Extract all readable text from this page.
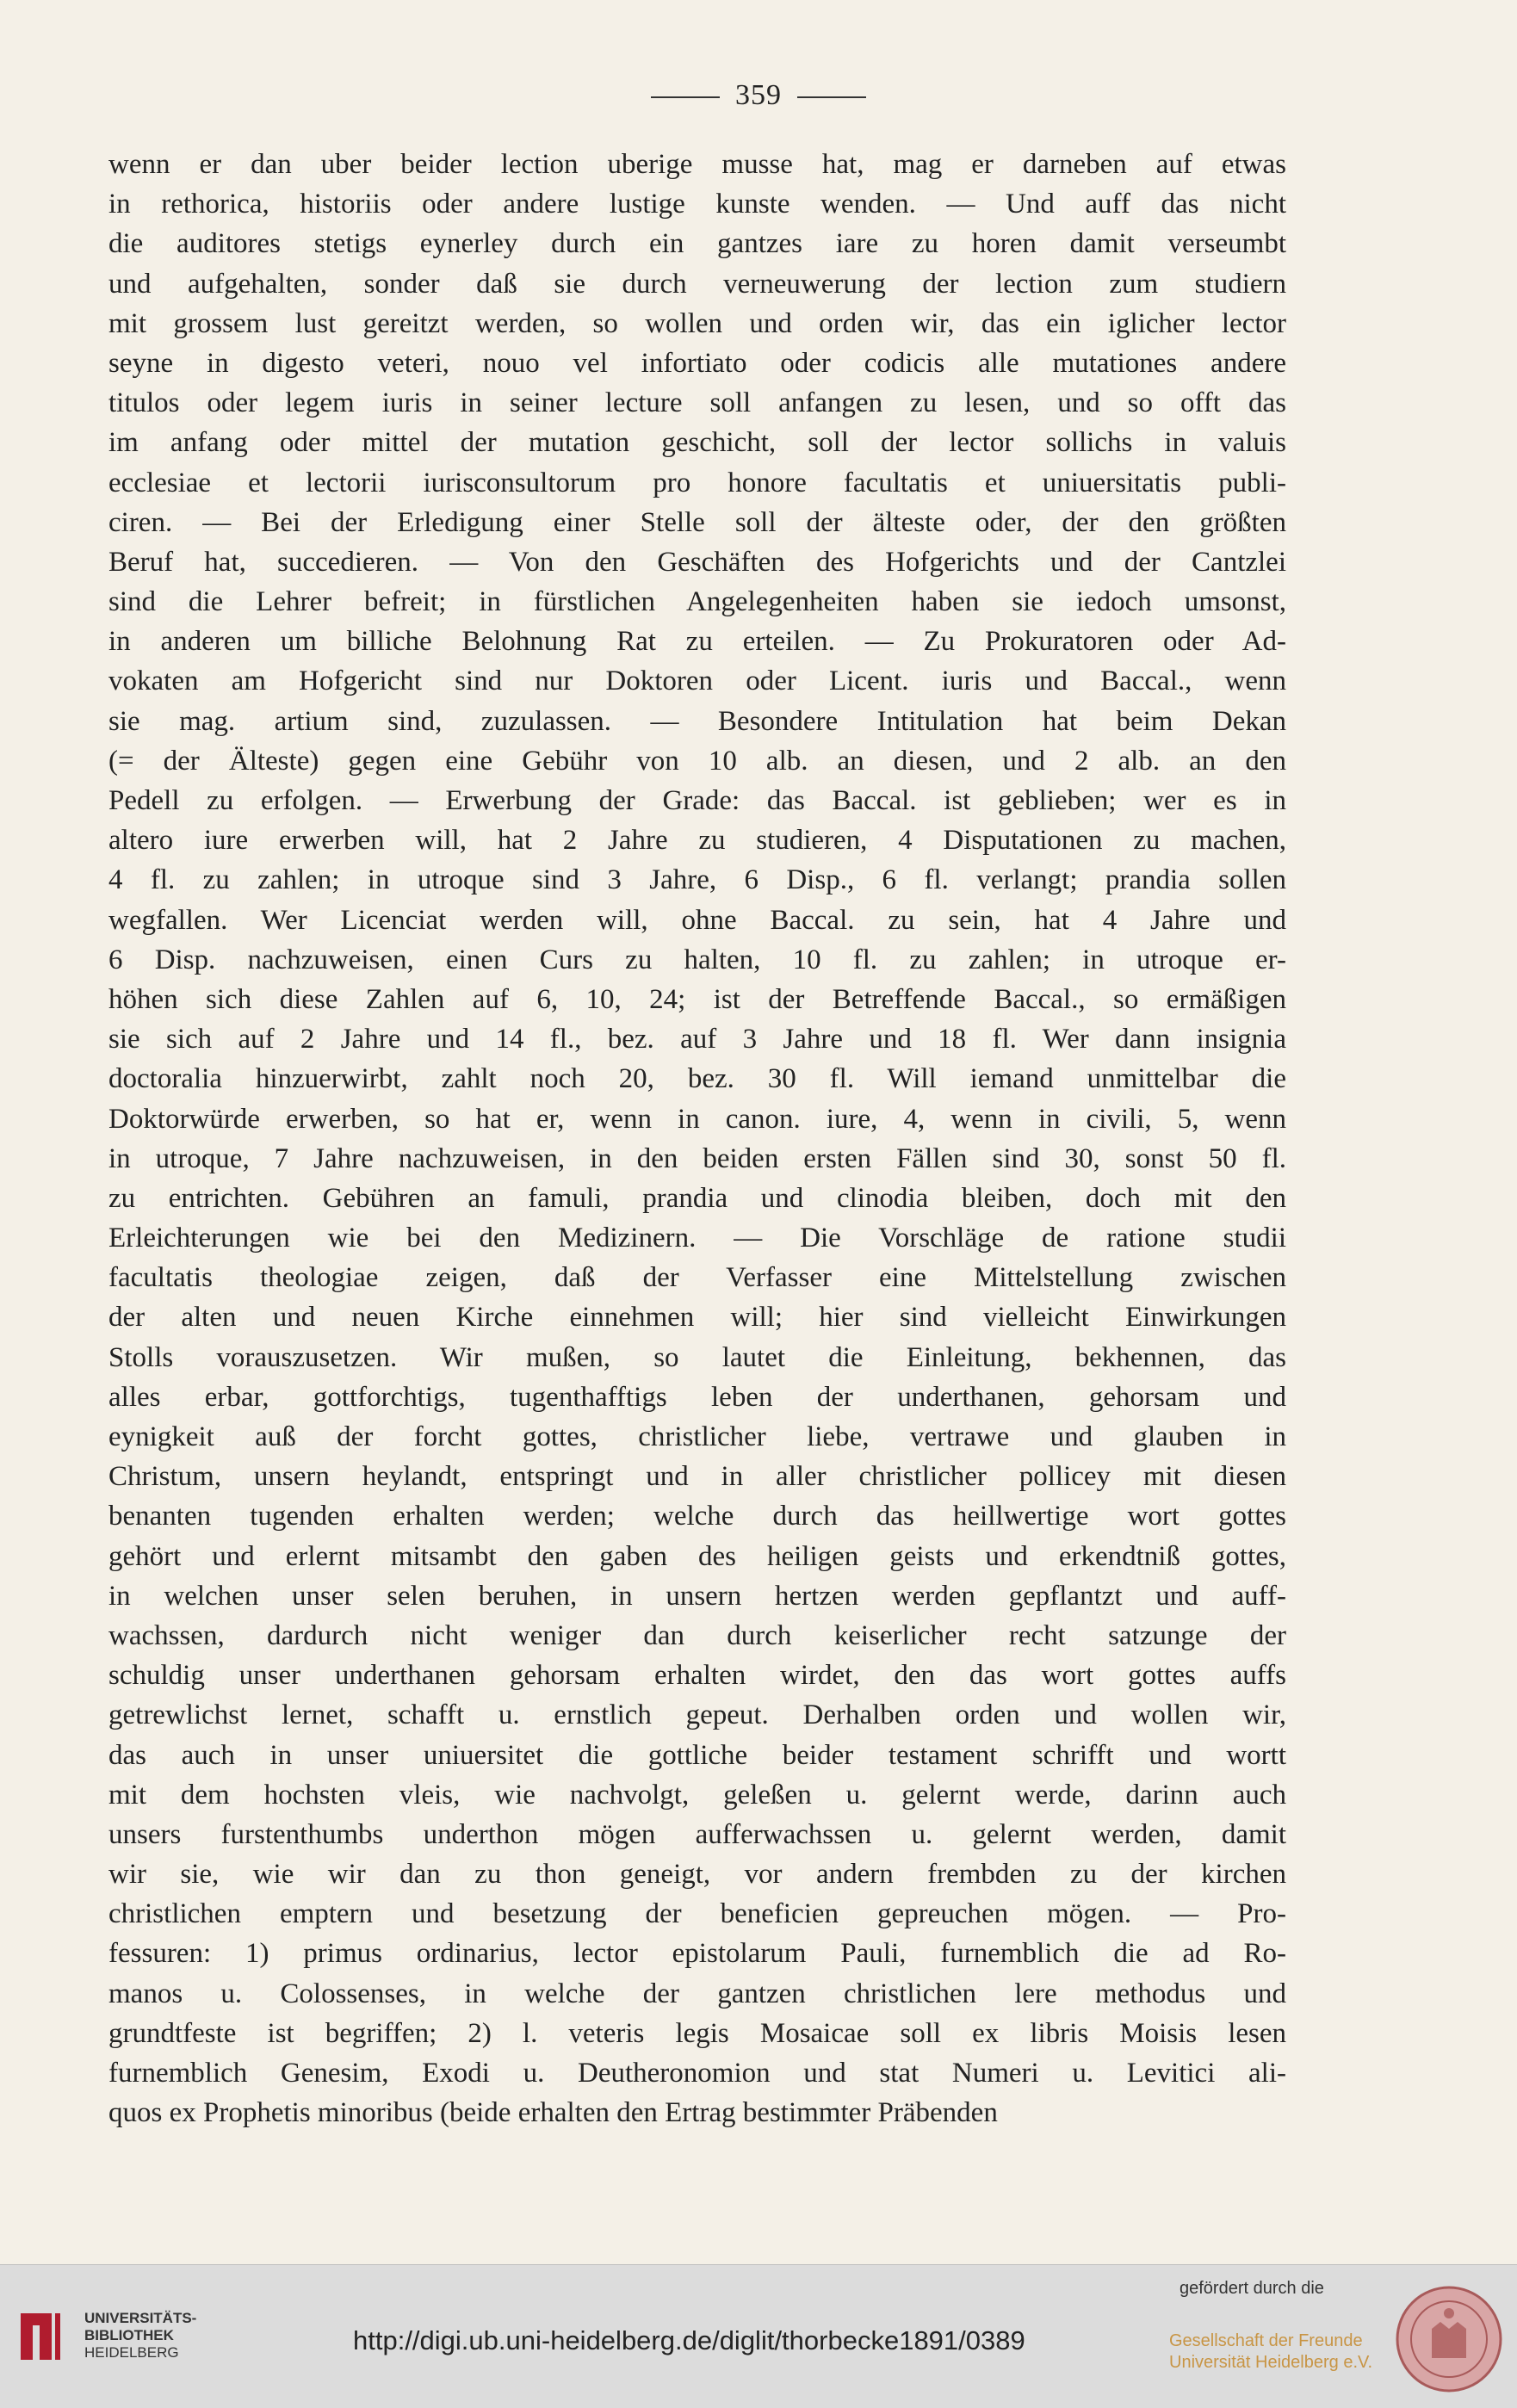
359
wenn er dan uber beider lection uberige musse hat, mag er darneben auf etwas
in rethorica, historiis oder andere lustige kunste wenden. — Und auff das nicht
die auditores stetigs eynerley durch ein gantzes iare zu horen damit verseumbt
und aufgehalten, sonder daß sie durch verneuwerung der lection zum studiern
mit grossem lust gereitzt werden, so wollen und orden wir, das ein iglicher lector
seyne in digesto veteri, nouo vel infortiato oder codicis alle mutationes andere
titulos oder legem iuris in seiner lecture soll anfangen zu lesen, und so offt das
im anfang oder mittel der mutation geschicht, soll der lector sollichs in valuis
ecclesiae et lectorii iurisconsultorum pro honore facultatis et uniuersitatis publi-
ciren. — Bei der Erledigung einer Stelle soll der älteste oder, der den größten
Beruf hat, succedieren. — Von den Geschäften des Hofgerichts und der Cantzlei
sind die Lehrer befreit; in fürstlichen Angelegenheiten haben sie iedoch umsonst,
in anderen um billiche Belohnung Rat zu erteilen. — Zu Prokuratoren oder Ad-
vokaten am Hofgericht sind nur Doktoren oder Licent. iuris und Baccal., wenn
sie mag. artium sind, zuzulassen. — Besondere Intitulation hat beim Dekan
(= der Älteste) gegen eine Gebühr von 10 alb. an diesen, und 2 alb. an den
Pedell zu erfolgen. — Erwerbung der Grade: das Baccal. ist geblieben; wer es in
altero iure erwerben will, hat 2 Jahre zu studieren, 4 Disputationen zu machen,
4 fl. zu zahlen; in utroque sind 3 Jahre, 6 Disp., 6 fl. verlangt; prandia sollen
wegfallen. Wer Licenciat werden will, ohne Baccal. zu sein, hat 4 Jahre und
6 Disp. nachzuweisen, einen Curs zu halten, 10 fl. zu zahlen; in utroque er-
höhen sich diese Zahlen auf 6, 10, 24; ist der Betreffende Baccal., so ermäßigen
sie sich auf 2 Jahre und 14 fl., bez. auf 3 Jahre und 18 fl. Wer dann insignia
doctoralia hinzuerwirbt, zahlt noch 20, bez. 30 fl. Will iemand unmittelbar die
Doktorwürde erwerben, so hat er, wenn in canon. iure, 4, wenn in civili, 5, wenn
in utroque, 7 Jahre nachzuweisen, in den beiden ersten Fällen sind 30, sonst 50 fl.
zu entrichten. Gebühren an famuli, prandia und clinodia bleiben, doch mit den
Erleichterungen wie bei den Medizinern. — Die Vorschläge de ratione studii
facultatis theologiae zeigen, daß der Verfasser eine Mittelstellung zwischen
der alten und neuen Kirche einnehmen will; hier sind vielleicht Einwirkungen
Stolls vorauszusetzen. Wir mußen, so lautet die Einleitung, bekhennen, das
alles erbar, gottforchtigs, tugenthafftigs leben der underthanen, gehorsam und
eynigkeit auß der forcht gottes, christlicher liebe, vertrawe und glauben in
Christum, unsern heylandt, entspringt und in aller christlicher pollicey mit diesen
benanten tugenden erhalten werden; welche durch das heillwertige wort gottes
gehört und erlernt mitsambt den gaben des heiligen geists und erkendtniß gottes,
in welchen unser selen beruhen, in unsern hertzen werden gepflantzt und auff-
wachssen, dardurch nicht weniger dan durch keiserlicher recht satzunge der
schuldig unser underthanen gehorsam erhalten wirdet, den das wort gottes auffs
getrewlichst lernet, schafft u. ernstlich gepeut. Derhalben orden und wollen wir,
das auch in unser uniuersitet die gottliche beider testament schrifft und wortt
mit dem hochsten vleis, wie nachvolgt, geleßen u. gelernt werde, darinn auch
unsers furstenthumbs underthon mögen aufferwachssen u. gelernt werden, damit
wir sie, wie wir dan zu thon geneigt, vor andern frembden zu der kirchen
christlichen emptern und besetzung der beneficien gepreuchen mögen. — Pro-
fessuren: 1) primus ordinarius, lector epistolarum Pauli, furnemblich die ad Ro-
manos u. Colossenses, in welche der gantzen christlichen lere methodus und
grundtfeste ist begriffen; 2) l. veteris legis Mosaicae soll ex libris Moisis lesen
furnemblich Genesim, Exodi u. Deutheronomion und stat Numeri u. Levitici ali-
quos ex Prophetis minoribus (beide erhalten den Ertrag bestimmter Präbenden
UNIVERSITÄTS-
BIBLIOTHEK
HEIDELBERG	http://digi.ub.uni-heidelberg.de/diglit/thorbecke1891/0389
gefördert durch die
Gesellschaft der Freunde
Universität Heidelberg e.V.
